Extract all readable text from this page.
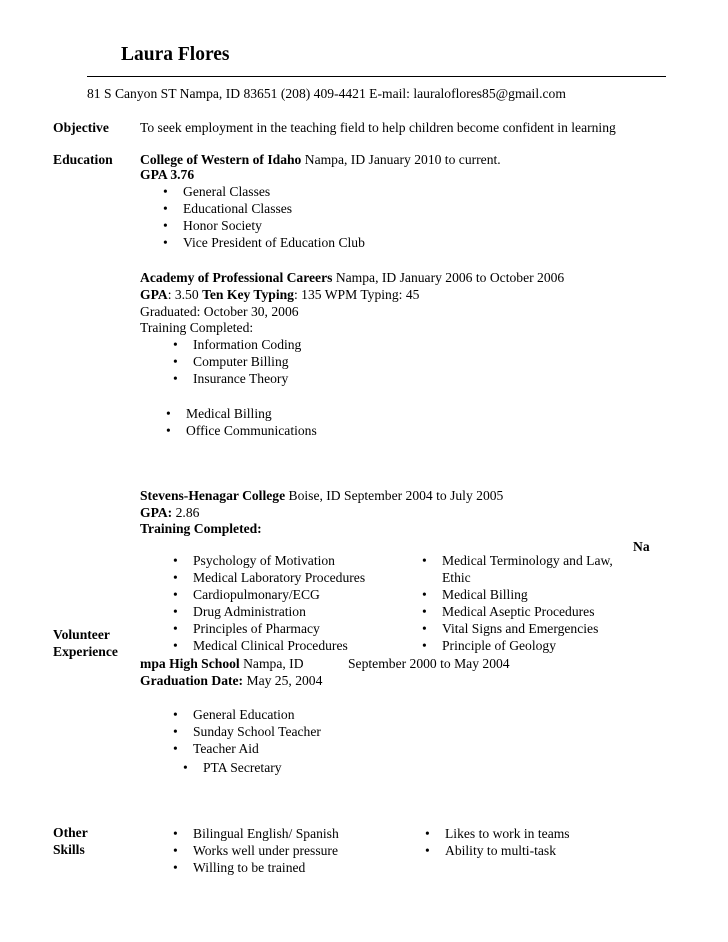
Laura Flores
81 S Canyon ST Nampa, ID 83651 (208) 409-4421 E-mail: lauraloflores85@gmail.com
Objective To seek employment in the teaching field to help children become confident in learning
Education College of Western of Idaho Nampa, ID January 2010 to current.
GPA 3.76
• General Classes
• Educational Classes
• Honor Society
• Vice President of Education Club
Academy of Professional Careers Nampa, ID January 2006 to October 2006
GPA: 3.50 Ten Key Typing: 135 WPM Typing: 45
Graduated: October 30, 2006
Training Completed:
• Information Coding
• Computer Billing
• Insurance Theory
• Medical Billing
• Office Communications
Stevens-Henagar College Boise, ID September 2004 to July 2005
GPA: 2.86
Training Completed:
Na
• Psychology of Motivation
• Medical Laboratory Procedures
• Cardiopulmonary/ECG
• Drug Administration
• Principles of Pharmacy
• Medical Clinical Procedures
• Medical Terminology and Law,
Ethic
• Medical Billing
• Medical Aseptic Procedures
• Vital Signs and Emergencies
• Principle of Geology
Volunteer
Experience
mpa High School Nampa, ID	September 2000 to May 2004
Graduation Date: May 25, 2004
• General Education
• Sunday School Teacher
• Teacher Aid
• PTA Secretary
Other
Skills
• Bilingual English/ Spanish
• Works well under pressure
• Willing to be trained
• Likes to work in teams
• Ability to multi-task
